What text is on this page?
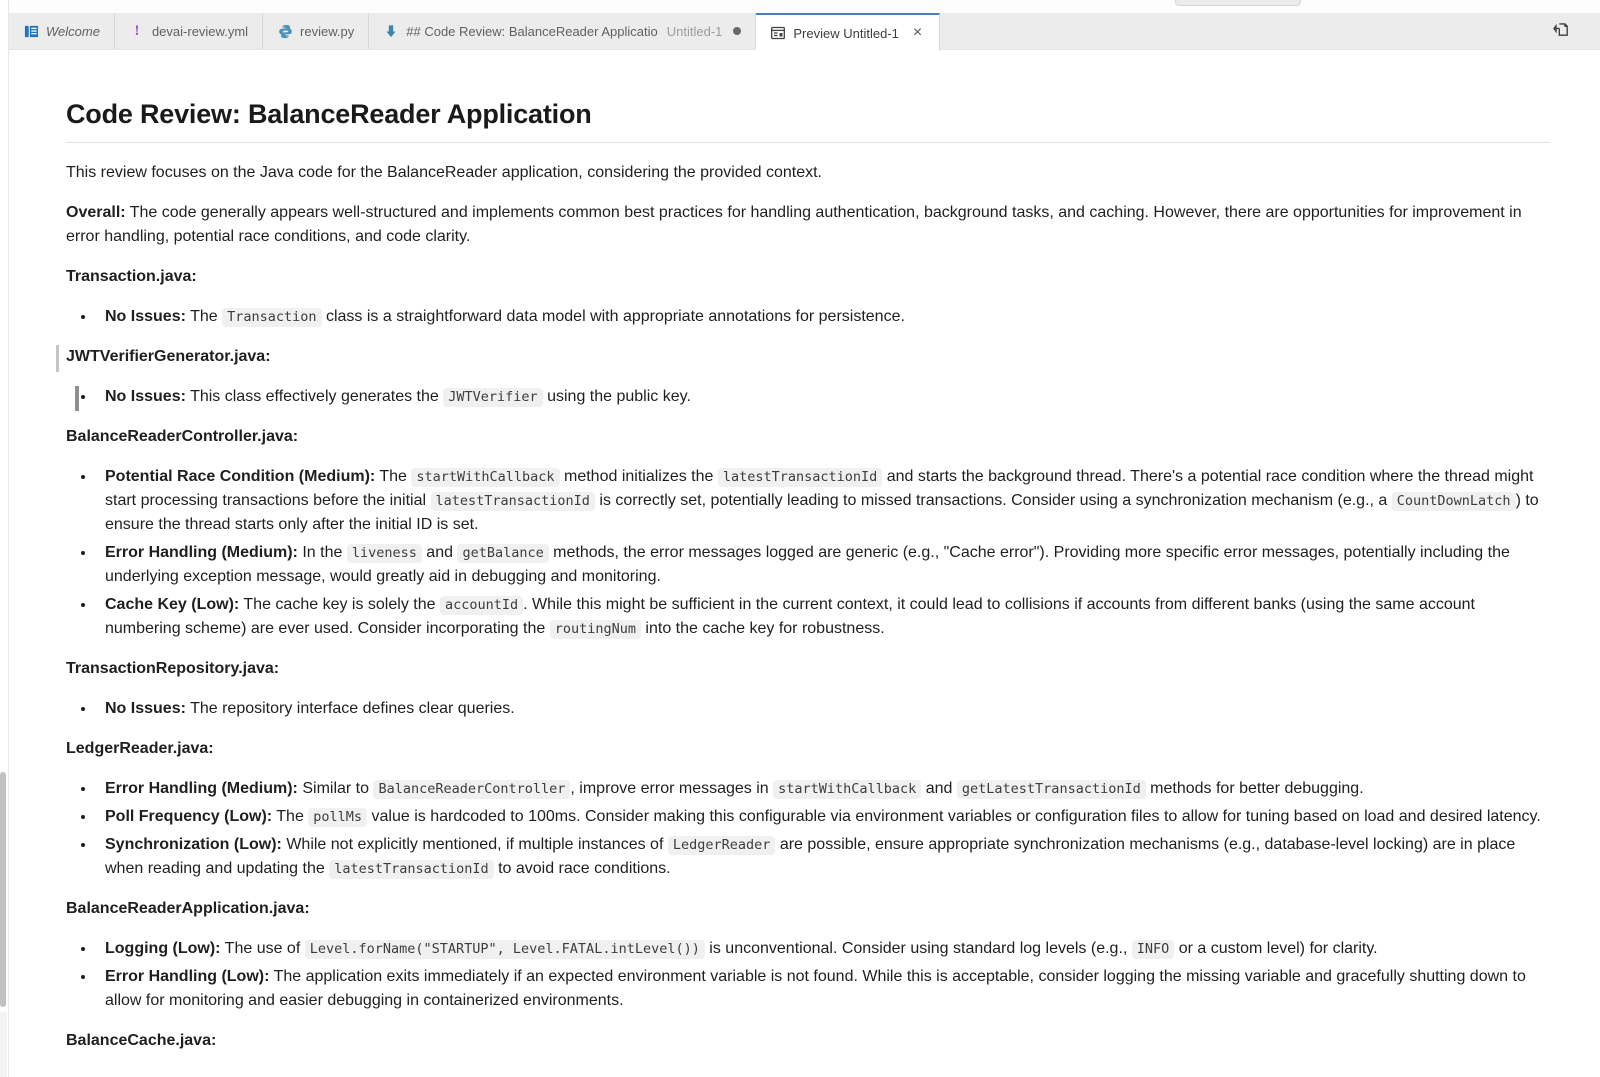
Welcome ! devai-review.yml	review.py	## Code Review: BalanceReader Applicatio Untitled-1	Preview Untitled-1 ×
Code Review: BalanceReader Application

This review focuses on the Java code for the BalanceReader application, considering the provided context.

Overall: The code generally appears well-structured and implements common best practices for handling authentication, background tasks, and caching. However, there are opportunities for improvement in error handling, potential race conditions, and code clarity.

Transaction.java:

• No Issues: The Transaction class is a straightforward data model with appropriate annotations for persistence.

JWTVerifierGenerator.java:

• No Issues: This class effectively generates the JWTVerifier using the public key.

BalanceReaderController.java:

• Potential Race Condition (Medium): The startWithCallback method initializes the latestTransactionId and starts the background thread. There's a potential race condition where the thread might start processing transactions before the initial latestTransactionId is correctly set, potentially leading to missed transactions. Consider using a synchronization mechanism (e.g., a CountDownLatch ) to ensure the thread starts only after the initial ID is set.
• Error Handling (Medium): In the liveness and getBalance methods, the error messages logged are generic (e.g., "Cache error"). Providing more specific error messages, potentially including the underlying exception message, would greatly aid in debugging and monitoring.
• Cache Key (Low): The cache key is solely the accountId . While this might be sufficient in the current context, it could lead to collisions if accounts from different banks (using the same account numbering scheme) are ever used. Consider incorporating the routingNum into the cache key for robustness.

TransactionRepository.java:

• No Issues: The repository interface defines clear queries.

LedgerReader.java:

• Error Handling (Medium): Similar to BalanceReaderController , improve error messages in startWithCallback and getLatestTransactionId methods for better debugging.
• Poll Frequency (Low): The pollMs value is hardcoded to 100ms. Consider making this configurable via environment variables or configuration files to allow for tuning based on load and desired latency.
• Synchronization (Low): While not explicitly mentioned, if multiple instances of LedgerReader are possible, ensure appropriate synchronization mechanisms (e.g., database-level locking) are in place when reading and updating the latestTransactionId to avoid race conditions.

BalanceReaderApplication.java:

• Logging (Low): The use of Level.forName("STARTUP", Level.FATAL.intLevel()) is unconventional. Consider using standard log levels (e.g., INFO or a custom level) for clarity.
• Error Handling (Low): The application exits immediately if an expected environment variable is not found. While this is acceptable, consider logging the missing variable and gracefully shutting down to allow for monitoring and easier debugging in containerized environments.

BalanceCache.java:
